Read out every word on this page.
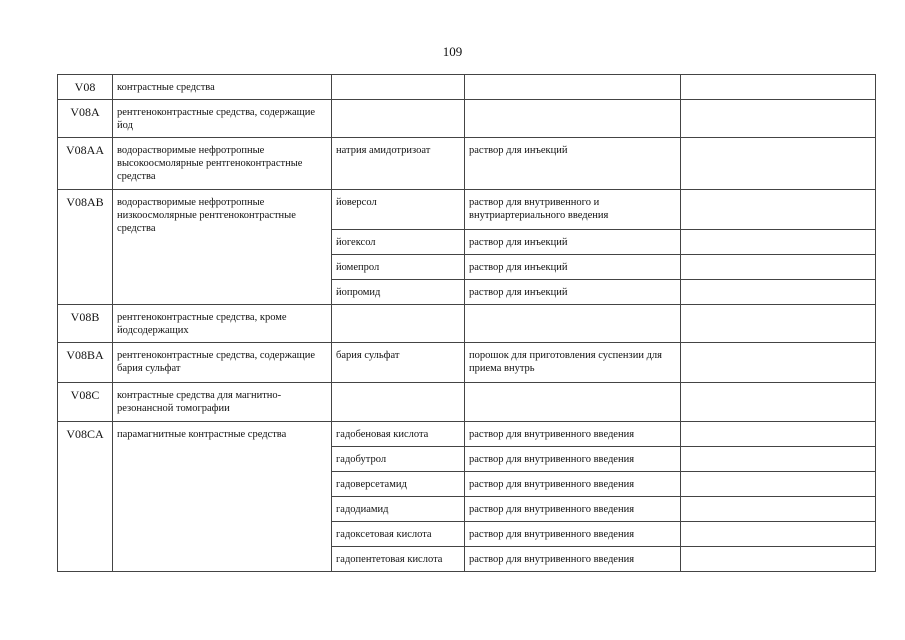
109
V08	контрастные средства			
V08A	рентгеноконтрастные средства, содержащие йод			
V08AA	водорастворимые нефротропные высокоосмолярные рентгеноконтрастные средства	натрия амидотризоат	раствор для инъекций	
V08AB	водорастворимые нефротропные низкоосмолярные рентгеноконтрастные средства	йоверсол	раствор для внутривенного и внутриартериального введения	
		йогексол	раствор для инъекций	
		йомепрол	раствор для инъекций	
		йопромид	раствор для инъекций	
V08B	рентгеноконтрастные средства, кроме йодсодержащих			
V08BA	рентгеноконтрастные средства, содержащие бария сульфат	бария сульфат	порошок для приготовления суспензии для приема внутрь	
V08C	контрастные средства для магнитно-резонансной томографии			
V08CA	парамагнитные контрастные средства	гадобеновая кислота	раствор для внутривенного введения	
		гадобутрол	раствор для внутривенного введения	
		гадоверсетамид	раствор для внутривенного введения	
		гадодиамид	раствор для внутривенного введения	
		гадоксетовая кислота	раствор для внутривенного введения	
		гадопентетовая кислота	раствор для внутривенного введения	
